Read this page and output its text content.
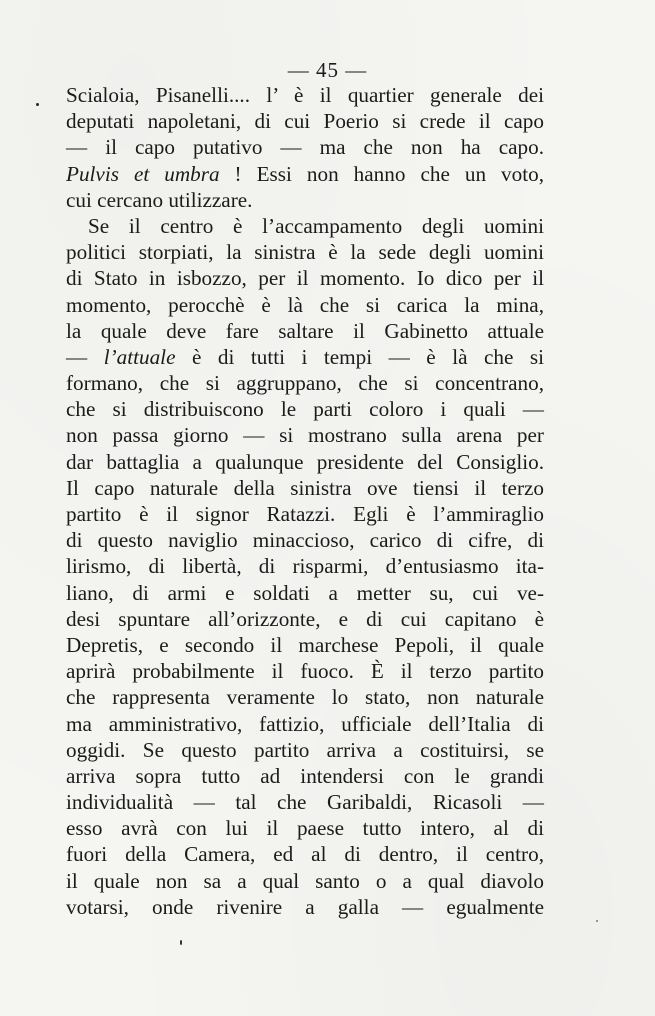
— 45 —
Scialoia, Pisanelli.... l’ è il quartier generale dei
deputati napoletani, di cui Poerio si crede il capo
— il capo putativo — ma che non ha capo.
Pulvis et umbra ! Essi non hanno che un voto,
cui cercano utilizzare.
Se il centro è l’accampamento degli uomini
politici storpiati, la sinistra è la sede degli uomini
di Stato in isbozzo, per il momento. Io dico per il
momento, perocchè è là che si carica la mina,
la quale deve fare saltare il Gabinetto attuale
— l’attuale è di tutti i tempi — è là che si
formano, che si aggruppano, che si concentrano,
che si distribuiscono le parti coloro i quali —
non passa giorno — si mostrano sulla arena per
dar battaglia a qualunque presidente del Consiglio.
Il capo naturale della sinistra ove tiensi il terzo
partito è il signor Ratazzi. Egli è l’ammiraglio
di questo naviglio minaccioso, carico di cifre, di
lirismo, di libertà, di risparmi, d’entusiasmo ita-
liano, di armi e soldati a metter su, cui ve-
desi spuntare all’orizzonte, e di cui capitano è
Depretis, e secondo il marchese Pepoli, il quale
aprirà probabilmente il fuoco. È il terzo partito
che rappresenta veramente lo stato, non naturale
ma amministrativo, fattizio, ufficiale dell’Italia di
oggidi. Se questo partito arriva a costituirsi, se
arriva sopra tutto ad intendersi con le grandi
individualità — tal che Garibaldi, Ricasoli —
esso avrà con lui il paese tutto intero, al di
fuori della Camera, ed al di dentro, il centro,
il quale non sa a qual santo o a qual diavolo
votarsi, onde rivenire a galla — egualmente
